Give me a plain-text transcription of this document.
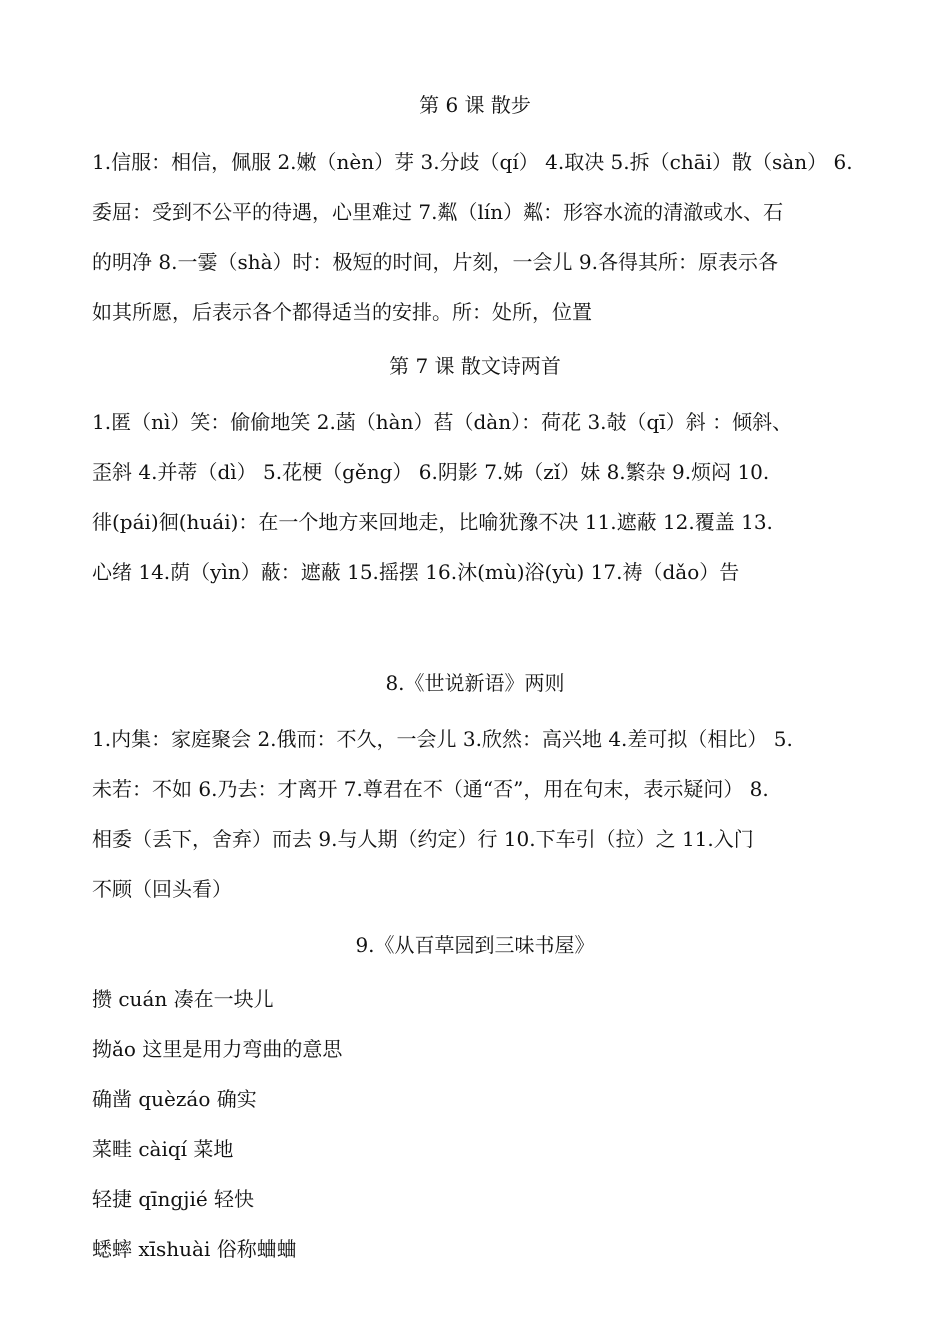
第 6 课 散步
1.信服：相信，佩服 2.嫩（nèn）芽 3.分歧（qí） 4.取决 5.拆（chāi）散（sàn） 6.
委屈：受到不公平的待遇，心里难过 7.粼（lín）粼：形容水流的清澈或水、石
的明净 8.一霎（shà）时：极短的时间，片刻，一会儿 9.各得其所：原表示各
如其所愿，后表示各个都得适当的安排。所：处所，位置
第 7 课 散文诗两首
1.匿（nì）笑：偷偷地笑 2.菡（hàn）萏（dàn）：荷花 3.攲（qī）斜 ：倾斜、
歪斜 4.并蒂（dì） 5.花梗（gěng） 6.阴影 7.姊（zǐ）妹 8.繁杂 9.烦闷 10.
徘(pái)徊(huái)：在一个地方来回地走，比喻犹豫不决 11.遮蔽 12.覆盖 13.
心绪 14.荫（yìn）蔽：遮蔽 15.摇摆 16.沐(mù)浴(yù) 17.祷（dǎo）告
8.《世说新语》两则
1.内集：家庭聚会 2.俄而：不久，一会儿 3.欣然：高兴地 4.差可拟（相比） 5.
未若：不如 6.乃去：才离开 7.尊君在不（通“否”，用在句末，表示疑问） 8.
相委（丢下，舍弃）而去 9.与人期（约定）行 10.下车引（拉）之 11.入门
不顾（回头看）
9.《从百草园到三味书屋》
攒 cuán 凑在一块儿
拗ǎo 这里是用力弯曲的意思
确凿 quèzáo 确实
菜畦 càiqí 菜地
轻捷 qīngjié 轻快
蟋蟀 xīshuài 俗称蛐蛐
